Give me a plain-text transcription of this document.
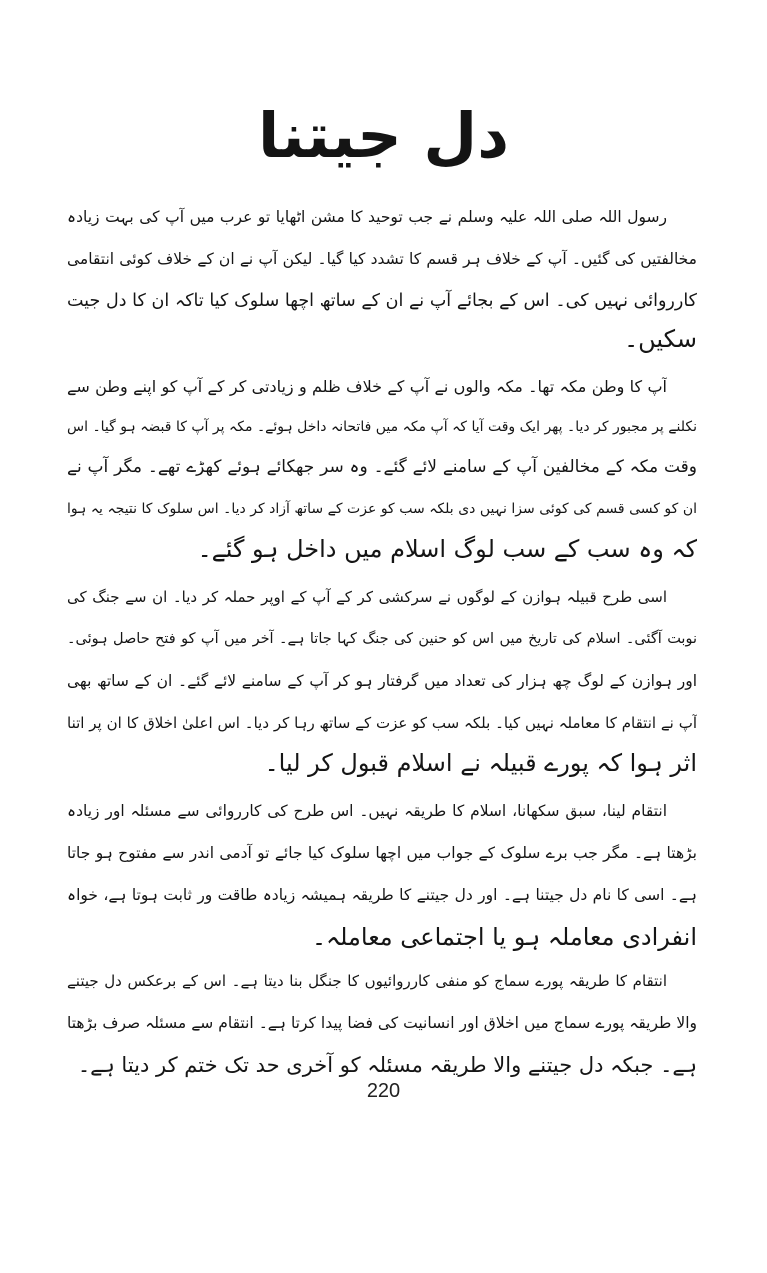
دل جیتنا
رسول اللہ صلی اللہ علیہ وسلم نے جب توحید کا مشن اٹھایا تو عرب میں آپ کی بہت زیادہ
مخالفتیں کی گئیں۔ آپ کے خلاف ہر قسم کا تشدد کیا گیا۔ لیکن آپ نے ان کے خلاف کوئی انتقامی
کارروائی نہیں کی۔ اس کے بجائے آپ نے ان کے ساتھ اچھا سلوک کیا تاکہ ان کا دل جیت
سکیں۔
آپ کا وطن مکہ تھا۔ مکہ والوں نے آپ کے خلاف ظلم و زیادتی کر کے آپ کو اپنے وطن سے
نکلنے پر مجبور کر دیا۔ پھر ایک وقت آیا کہ آپ مکہ میں فاتحانہ داخل ہوئے۔ مکہ پر آپ کا قبضہ ہو گیا۔ اس
وقت مکہ کے مخالفین آپ کے سامنے لائے گئے۔ وہ سر جھکائے ہوئے کھڑے تھے۔ مگر آپ نے
ان کو کسی قسم کی کوئی سزا نہیں دی بلکہ سب کو عزت کے ساتھ آزاد کر دیا۔ اس سلوک کا نتیجہ یہ ہوا
کہ وہ سب کے سب لوگ اسلام میں داخل ہو گئے۔
اسی طرح قبیلہ ہوازن کے لوگوں نے سرکشی کر کے آپ کے اوپر حملہ کر دیا۔ ان سے جنگ کی
نوبت آگئی۔ اسلام کی تاریخ میں اس کو حنین کی جنگ کہا جاتا ہے۔ آخر میں آپ کو فتح حاصل ہوئی۔
اور ہوازن کے لوگ چھ ہزار کی تعداد میں گرفتار ہو کر آپ کے سامنے لائے گئے۔ ان کے ساتھ بھی
آپ نے انتقام کا معاملہ نہیں کیا۔ بلکہ سب کو عزت کے ساتھ رہا کر دیا۔ اس اعلیٰ اخلاق کا ان پر اتنا
اثر ہوا کہ پورے قبیلہ نے اسلام قبول کر لیا۔
انتقام لینا، سبق سکھانا، اسلام کا طریقہ نہیں۔ اس طرح کی کارروائی سے مسئلہ اور زیادہ
بڑھتا ہے۔ مگر جب برے سلوک کے جواب میں اچھا سلوک کیا جائے تو آدمی اندر سے مفتوح ہو جاتا
ہے۔ اسی کا نام دل جیتنا ہے۔ اور دل جیتنے کا طریقہ ہمیشہ زیادہ طاقت ور ثابت ہوتا ہے، خواہ
انفرادی معاملہ ہو یا اجتماعی معاملہ۔
انتقام کا طریقہ پورے سماج کو منفی کارروائیوں کا جنگل بنا دیتا ہے۔ اس کے برعکس دل جیتنے
والا طریقہ پورے سماج میں اخلاق اور انسانیت کی فضا پیدا کرتا ہے۔ انتقام سے مسئلہ صرف بڑھتا
ہے۔ جبکہ دل جیتنے والا طریقہ مسئلہ کو آخری حد تک ختم کر دیتا ہے۔
220
